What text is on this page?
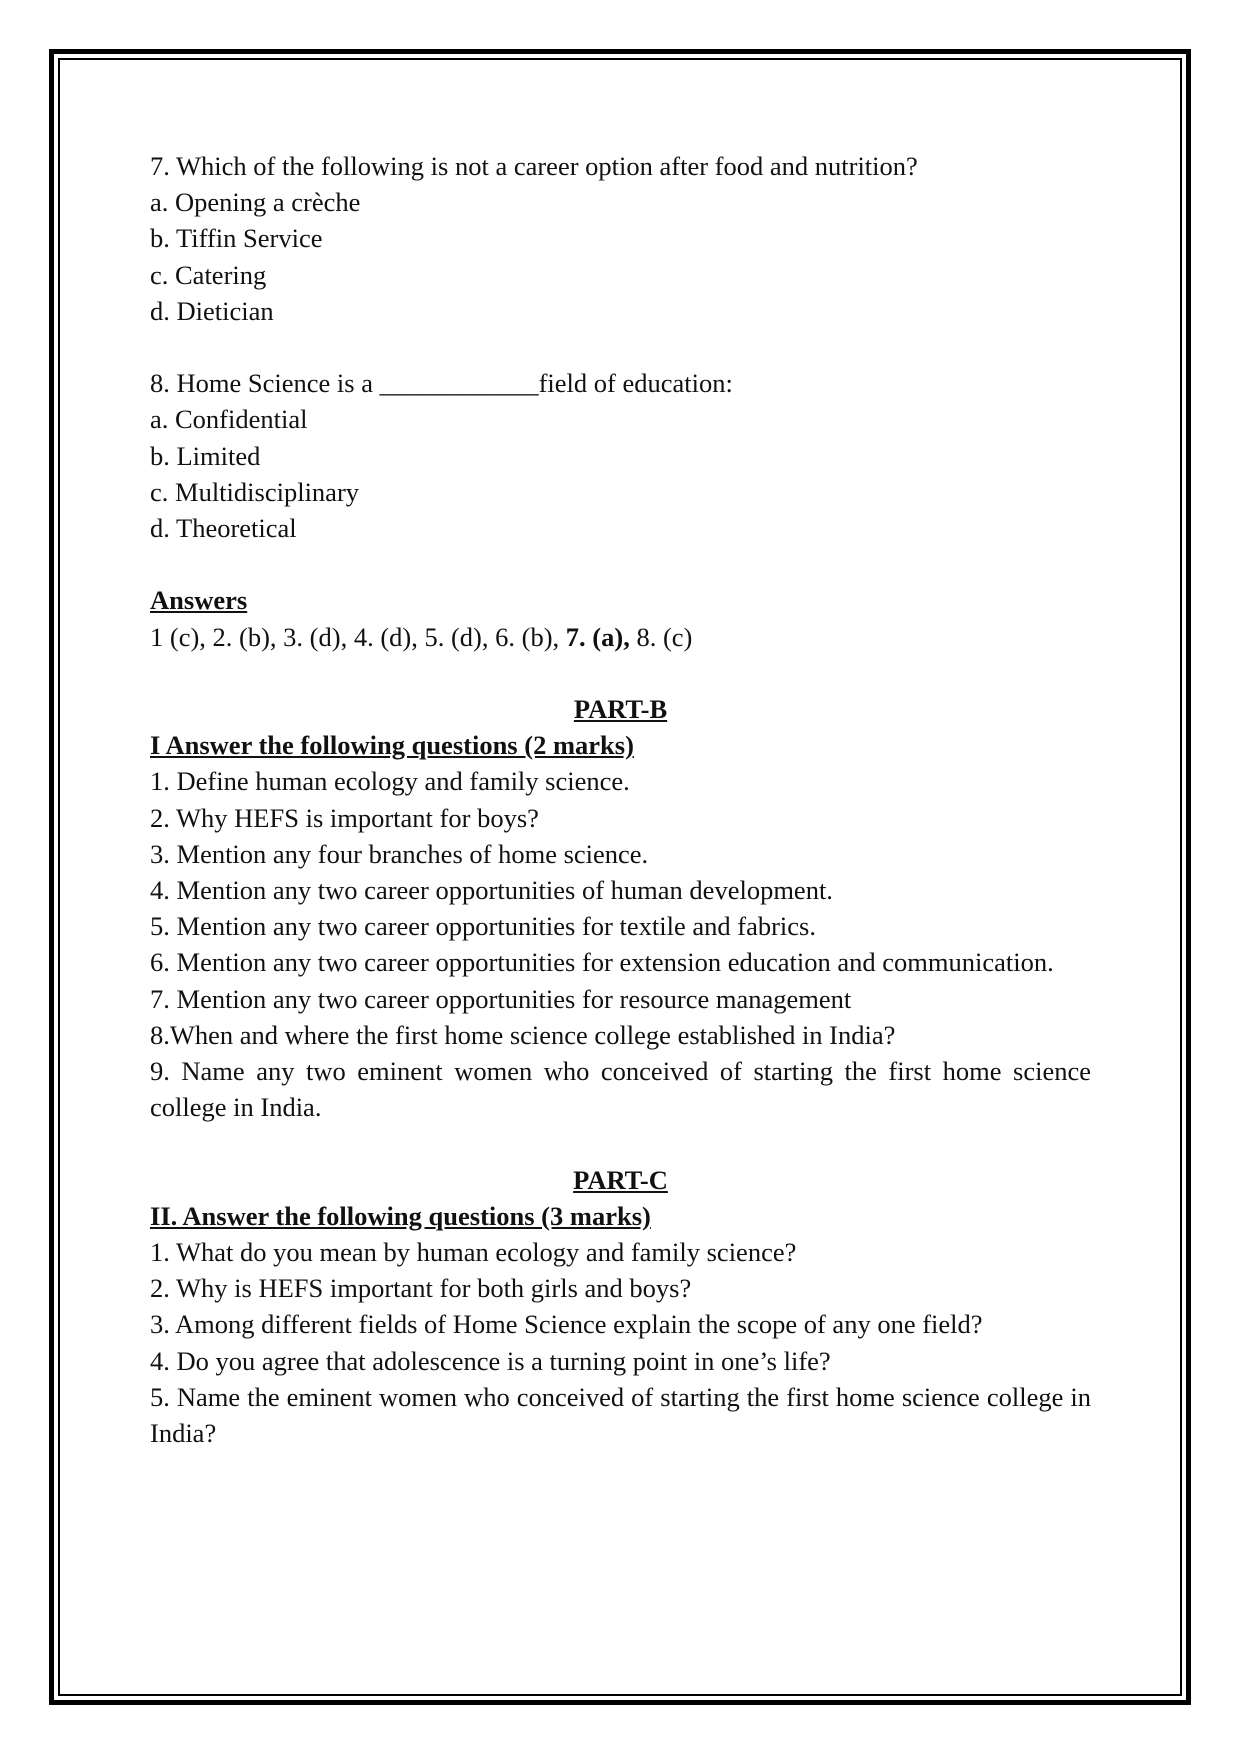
7. Which of the following is not a career option after food and nutrition?
a. Opening a crèche
b. Tiffin Service
c. Catering
d. Dietician
8. Home Science is a ____________field of education:
a. Confidential
b. Limited
c. Multidisciplinary
d. Theoretical
Answers
1 (c), 2. (b), 3. (d), 4. (d), 5. (d), 6. (b), 7. (a), 8. (c)
PART-B
I Answer the following questions (2 marks)
1. Define human ecology and family science.
2. Why HEFS is important for boys?
3. Mention any four branches of home science.
4. Mention any two career opportunities of human development.
5. Mention any two career opportunities for textile and fabrics.
6. Mention any two career opportunities for extension education and communication.
7. Mention any two career opportunities for resource management
8.When and where the first home science college established in India?
9. Name any two eminent women who conceived of starting the first home science college in India.
PART-C
II. Answer the following questions (3 marks)
1. What do you mean by human ecology and family science?
2. Why is HEFS important for both girls and boys?
3. Among different fields of Home Science explain the scope of any one field?
4. Do you agree that adolescence is a turning point in one’s life?
5. Name the eminent women who conceived of starting the first home science college in India?
